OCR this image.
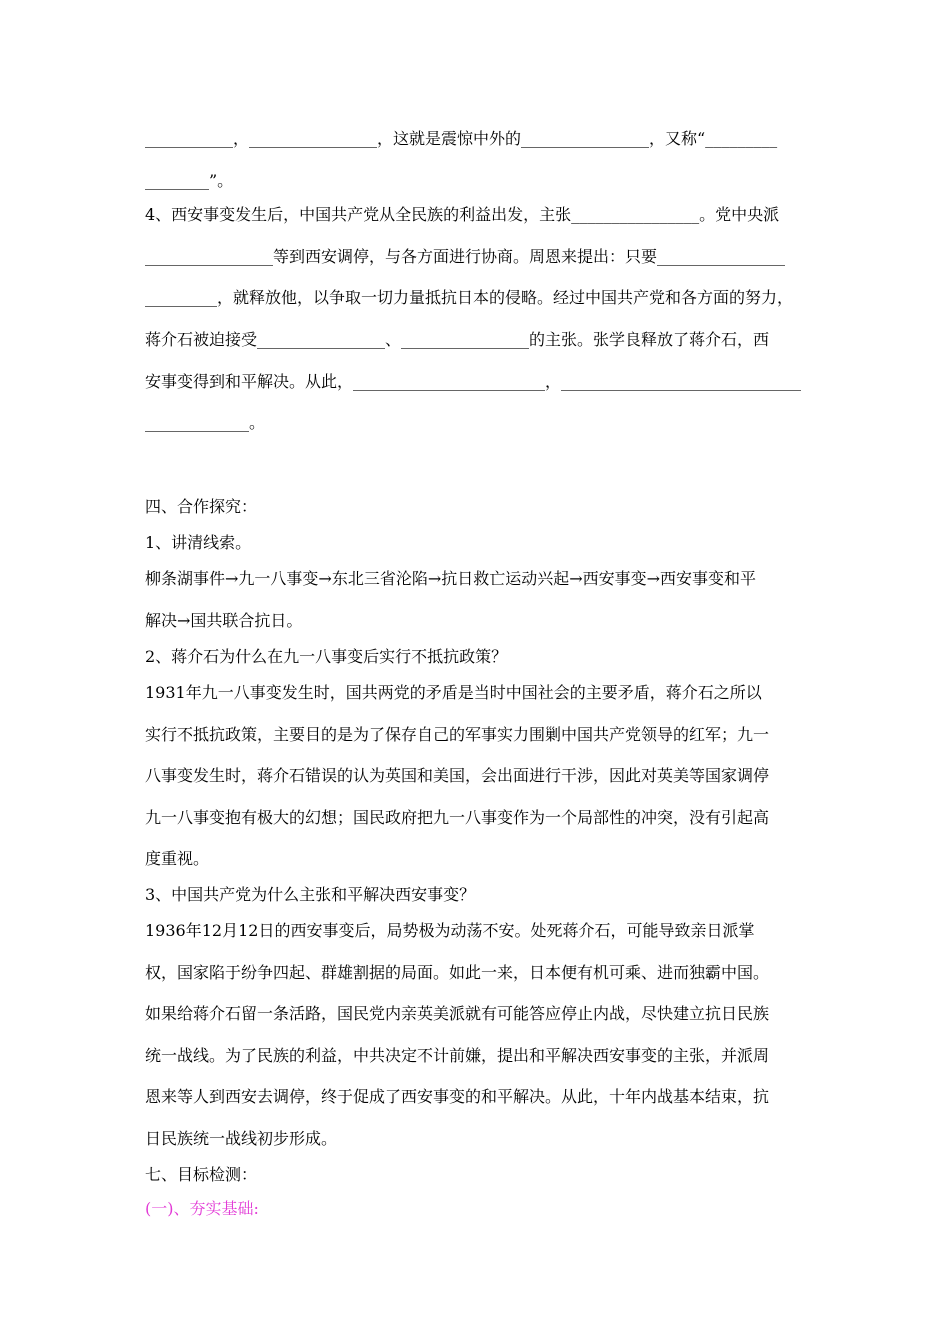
___________，________________，这就是震惊中外的________________，又称“_________
________”。
4、西安事变发生后，中国共产党从全民族的利益出发，主张________________。党中央派
________________等到西安调停，与各方面进行协商。周恩来提出：只要________________
_________，就释放他，以争取一切力量抵抗日本的侵略。经过中国共产党和各方面的努力，
蒋介石被迫接受________________、________________的主张。张学良释放了蒋介石，西
安事变得到和平解决。从此，________________________，______________________________
_____________。
四、合作探究：
1、讲清线索。
柳条湖事件→九一八事变→东北三省沦陷→抗日救亡运动兴起→西安事变→西安事变和平
解决→国共联合抗日。
2、蒋介石为什么在九一八事变后实行不抵抗政策？
1931年九一八事变发生时，国共两党的矛盾是当时中国社会的主要矛盾，蒋介石之所以
实行不抵抗政策，主要目的是为了保存自己的军事实力围剿中国共产党领导的红军；九一
八事变发生时，蒋介石错误的认为英国和美国，会出面进行干涉，因此对英美等国家调停
九一八事变抱有极大的幻想；国民政府把九一八事变作为一个局部性的冲突，没有引起高
度重视。
3、中国共产党为什么主张和平解决西安事变？
1936年12月12日的西安事变后，局势极为动荡不安。处死蒋介石，可能导致亲日派掌
权，国家陷于纷争四起、群雄割据的局面。如此一来，日本便有机可乘、进而独霸中国。
如果给蒋介石留一条活路，国民党内亲英美派就有可能答应停止内战，尽快建立抗日民族
统一战线。为了民族的利益，中共决定不计前嫌，提出和平解决西安事变的主张，并派周
恩来等人到西安去调停，终于促成了西安事变的和平解决。从此，十年内战基本结束，抗
日民族统一战线初步形成。
七、目标检测：
(一)、夯实基础:
